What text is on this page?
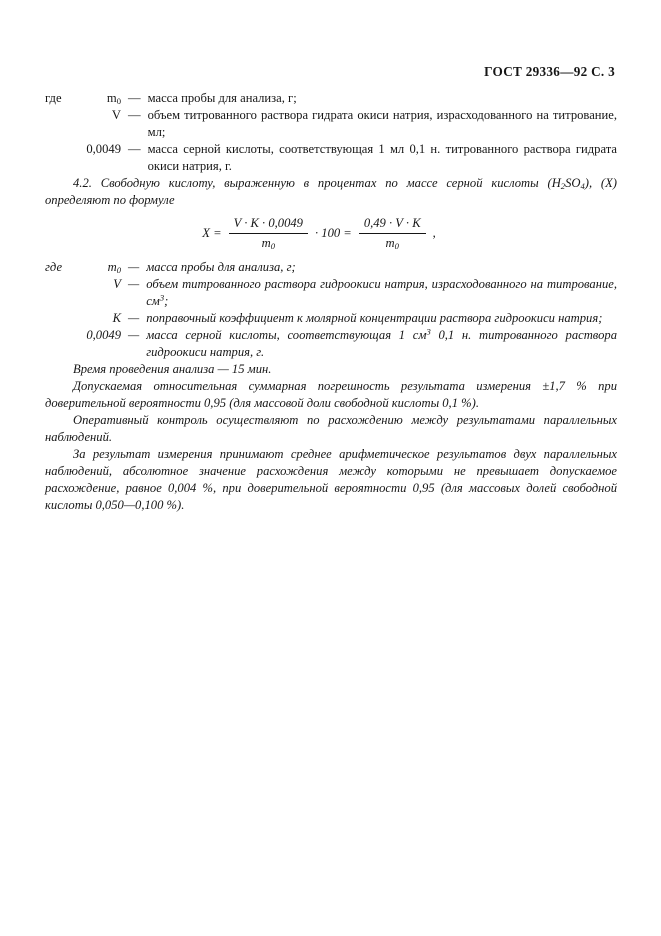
ГОСТ 29336—92 С. 3
где	$m_0$ — масса пробы для анализа, г;
V — объем титрованного раствора гидрата окиси натрия, израсходованного на титрование, мл;
0,0049 — масса серной кислоты, соответствующая 1 мл 0,1 н. титрованного раствора гидрата окиси натрия, г.

4.2. Свободную кислоту, выраженную в процентах по массе серной кислоты $(H_2SO_4)$, (X) определяют по формуле

$X = \frac{V \cdot K \cdot 0,0049}{m_0} \cdot 100 = \frac{0,49 \cdot V \cdot K}{m_0}$ ,
где	$m_0$ — масса пробы для анализа, г;
V — объем титрованного раствора гидроокиси натрия, израсходованного на титрование, $см^3$;
К — поправочный коэффициент к молярной концентрации раствора гидроокиси натрия;
0,0049 — масса серной кислоты, соответствующая 1 $см^3$ 0,1 н. титрованного раствора гидроокиси натрия, г.

Время проведения анализа — 15 мин.

Допускаемая относительная суммарная погрешность результата измерения ±1,7 % при доверительной вероятности 0,95 (для массовой доли свободной кислоты 0,1 %).

Оперативный контроль осуществляют по расхождению между результатами параллельных наблюдений.

За результат измерения принимают среднее арифметическое результатов двух параллельных наблюдений, абсолютное значение расхождения между которыми не превышает допускаемое расхождение, равное 0,004 %, при доверительной вероятности 0,95 (для массовых долей свободной кислоты 0,050—0,100 %).
